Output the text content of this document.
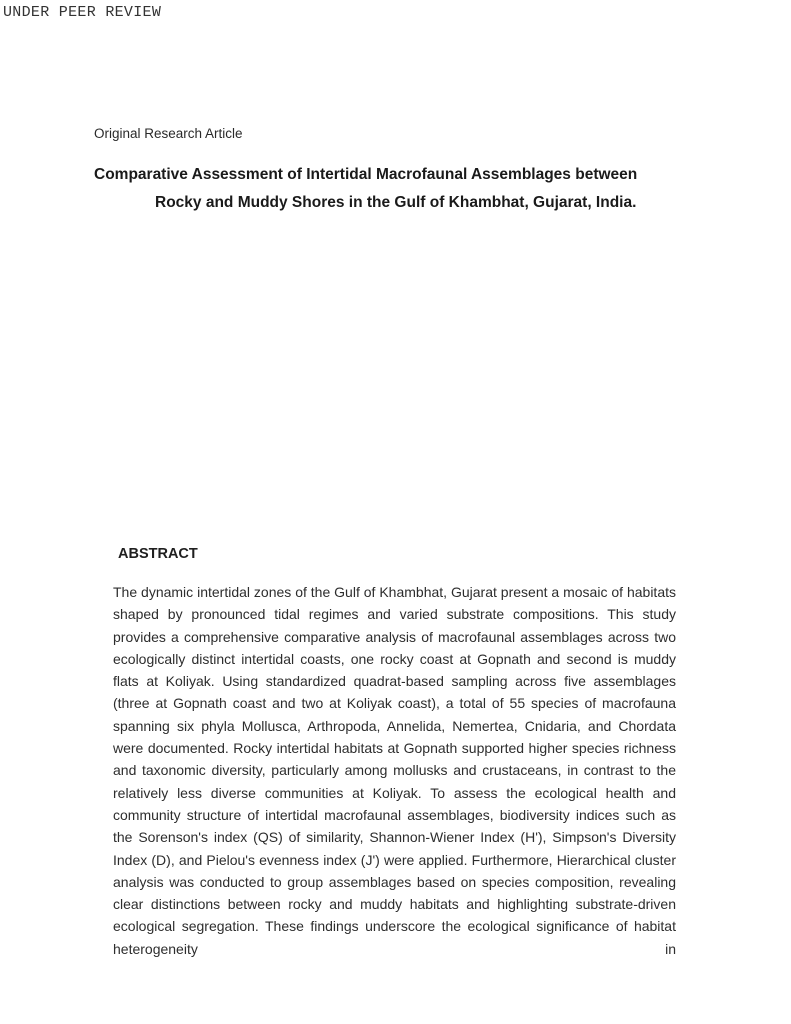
UNDER PEER REVIEW
Original Research Article
Comparative Assessment of Intertidal Macrofaunal Assemblages between
Rocky and Muddy Shores in the Gulf of Khambhat, Gujarat, India.
ABSTRACT

The dynamic intertidal zones of the Gulf of Khambhat, Gujarat present a mosaic of habitats shaped by pronounced tidal regimes and varied substrate compositions. This study provides a comprehensive comparative analysis of macrofaunal assemblages across two ecologically distinct intertidal coasts, one rocky coast at Gopnath and second is muddy flats at Koliyak. Using standardized quadrat-based sampling across five assemblages (three at Gopnath coast and two at Koliyak coast), a total of 55 species of macrofauna spanning six phyla Mollusca, Arthropoda, Annelida, Nemertea, Cnidaria, and Chordata were documented. Rocky intertidal habitats at Gopnath supported higher species richness and taxonomic diversity, particularly among mollusks and crustaceans, in contrast to the relatively less diverse communities at Koliyak. To assess the ecological health and community structure of intertidal macrofaunal assemblages, biodiversity indices such as the Sorenson's index (QS) of similarity, Shannon-Wiener Index (H'), Simpson's Diversity Index (D), and Pielou's evenness index (J') were applied. Furthermore, Hierarchical cluster analysis was conducted to group assemblages based on species composition, revealing clear distinctions between rocky and muddy habitats and highlighting substrate-driven ecological segregation. These findings underscore the ecological significance of habitat heterogeneity in
